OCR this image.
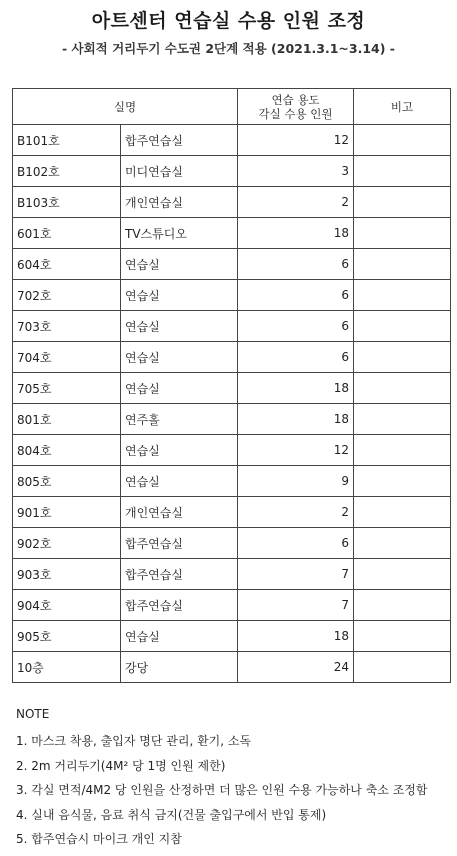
아트센터 연습실 수용 인원 조정
- 사회적 거리두기 수도권 2단계 적용 (2021.3.1~3.14) -
실명		연습 용도
각실 수용 인원	비고
B101호	합주연습실	12	
B102호	미디연습실	3	
B103호	개인연습실	2	
601호	TV스튜디오	18	
604호	연습실	6	
702호	연습실	6	
703호	연습실	6	
704호	연습실	6	
705호	연습실	18	
801호	연주홀	18	
804호	연습실	12	
805호	연습실	9	
901호	개인연습실	2	
902호	합주연습실	6	
903호	합주연습실	7	
904호	합주연습실	7	
905호	연습실	18	
10층	강당	24	
NOTE
1. 마스크 착용, 출입자 명단 관리, 환기, 소독
2. 2m 거리두기(4M² 당 1명 인원 제한)
3. 각실 면적/4M2 당 인원을 산정하면 더 많은 인원 수용 가능하나 축소 조정함
4. 실내 음식물, 음료 취식 금지(건물 출입구에서 반입 통제)
5. 합주연습시 마이크 개인 지참
